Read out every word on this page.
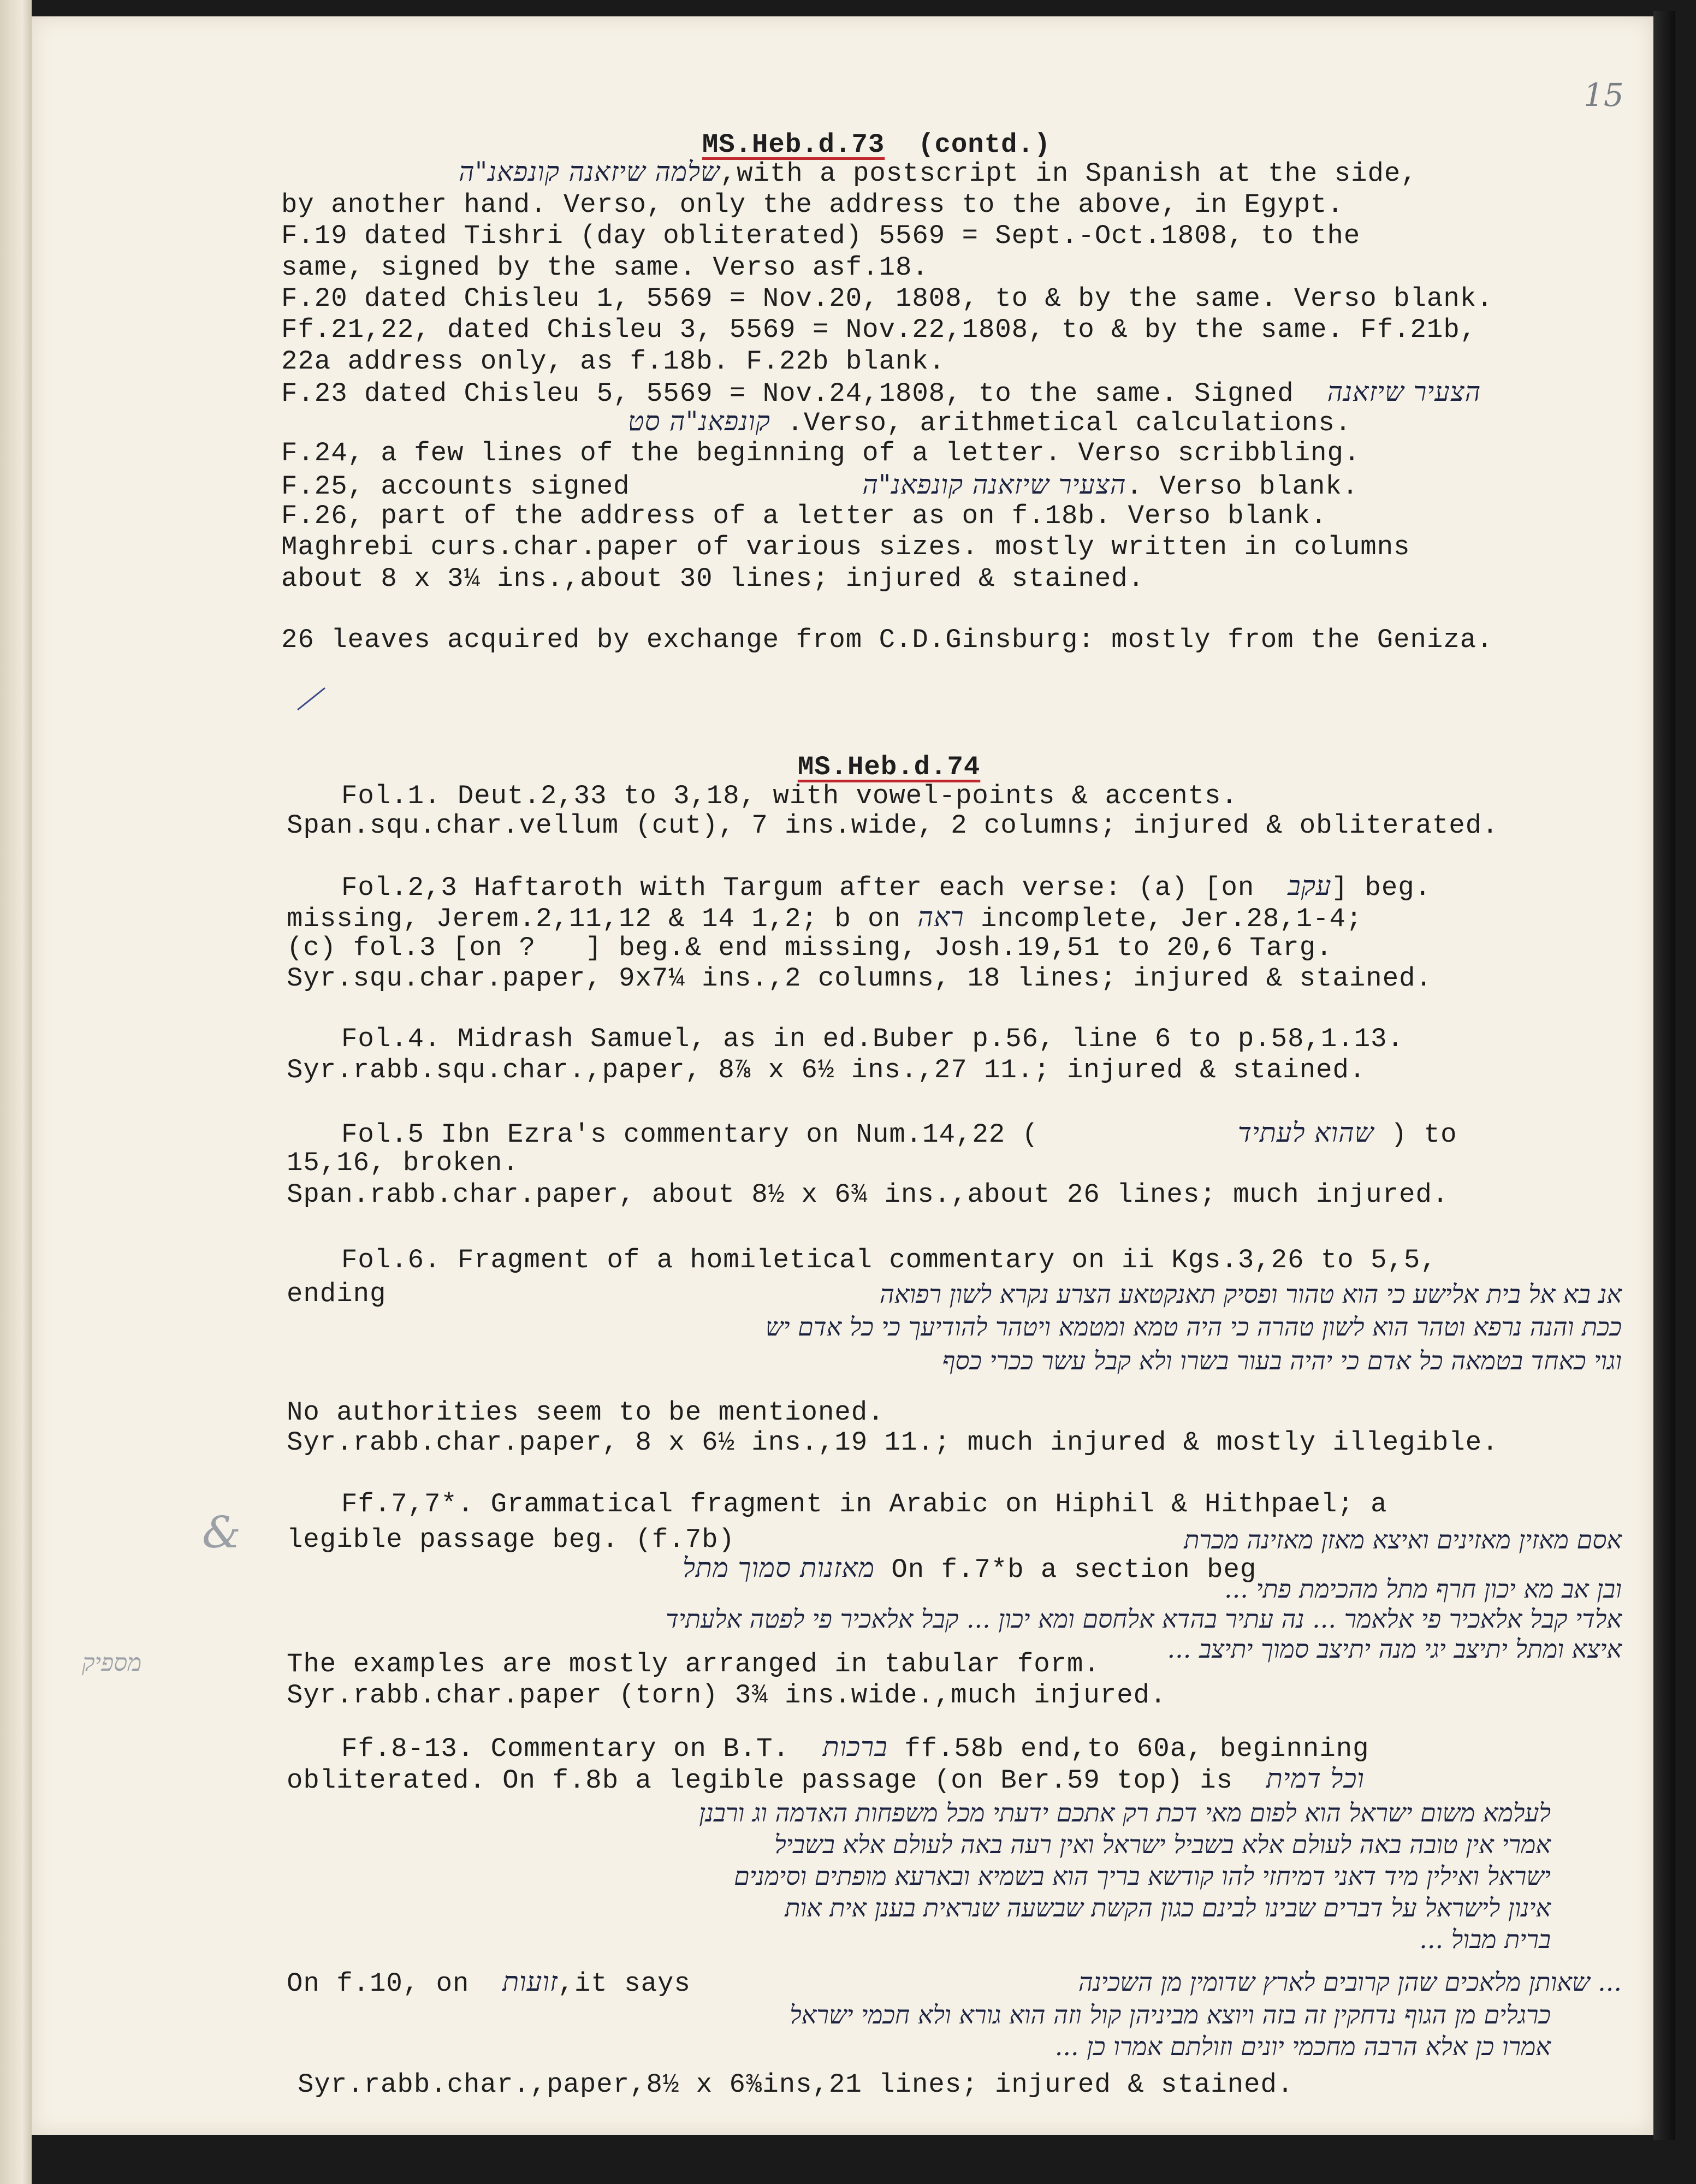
15
&
מספיק

MS.Heb.d.73 (contd.)

שלמה שיזאנה קונפאנ"ה,with a postscript in Spanish at the side,
by another hand. Verso, only the address to the above, in Egypt.
F.19 dated Tishri (day obliterated) 5569 = Sept.-Oct.1808, to the
same, signed by the same. Verso asf.18.
F.20 dated Chisleu 1, 5569 = Nov.20, 1808, to & by the same. Verso blank.
Ff.21,22, dated Chisleu 3, 5569 = Nov.22,1808, to & by the same. Ff.21b,
22a address only, as f.18b. F.22b blank.
F.23 dated Chisleu 5, 5569 = Nov.24,1808, to the same. Signed הצעיר שיזאנה
קונפאנ"ה סט .Verso, arithmetical calculations.
F.24, a few lines of the beginning of a letter. Verso scribbling.
F.25, accounts signed	הצעיר שיזאנה קונפאנ"ה. Verso blank.
F.26, part of the address of a letter as on f.18b. Verso blank.
Maghrebi curs.char.paper of various sizes. mostly written in columns
about 8 x 3¼ ins.,about 30 lines; injured & stained.
26 leaves acquired by exchange from C.D.Ginsburg: mostly from the Geniza.

MS.Heb.d.74

Fol.1. Deut.2,33 to 3,18, with vowel-points & accents.
Span.squ.char.vellum (cut), 7 ins.wide, 2 columns; injured & obliterated.
Fol.2,3 Haftaroth with Targum after each verse: (a) [on עקב] beg.
missing, Jerem.2,11,12 & 14 1,2; b on ראה incomplete, Jer.28,1-4;
(c) fol.3 [on ?   ] beg.& end missing, Josh.19,51 to 20,6 Targ.
Syr.squ.char.paper, 9x7¼ ins.,2 columns, 18 lines; injured & stained.
Fol.4. Midrash Samuel, as in ed.Buber p.56, line 6 to p.58,1.13.
Syr.rabb.squ.char.,paper, 8⅞ x 6½ ins.,27 11.; injured & stained.
Fol.5 Ibn Ezra's commentary on Num.14,22 (	שהוא לעתיד ) to
15,16, broken.
Span.rabb.char.paper, about 8½ x 6¾ ins.,about 26 lines; much injured.
Fol.6. Fragment of a homiletical commentary on ii Kgs.3,26 to 5,5,
ending	אנ בא אל בית אלישע כי הוא טהור ופסיק תאנקטאע הצרע נקרא לשון רפואה
ככת והנה נרפא וטהר הוא לשון טהרה כי היה טמא ומטמא ויטהר להודיעך כי כל אדם יש
וגוי כאחד בטמאה כל אדם כי יהיה בעור בשרו ולא קבל עשר ככרי כסף
No authorities seem to be mentioned.
Syr.rabb.char.paper, 8 x 6½ ins.,19 11.; much injured & mostly illegible.
Ff.7,7*. Grammatical fragment in Arabic on Hiphil & Hithpael; a
אסם מאזין מאזינים ואיצא מאזן מאזינה מכרת
legible passage beg. (f.7b)
מאזנות סמוך מתל On f.7*b a section beg
ובן אב מא יכון חרף מתל מהכימת פתי ...
אלדי קבל אלאכיר פי אלאמר ... נה עתיר בהדא אלחסם ומא יכון ... קבל אלאכיר פי לפטה אלעתיד
איצא ומתל יתיצב יגי מנה יתיצב סמוך יתיצב ...
The examples are mostly arranged in tabular form.
Syr.rabb.char.paper (torn) 3¾ ins.wide.,much injured.
Ff.8-13. Commentary on B.T. ברכות ff.58b end,to 60a, beginning
obliterated. On f.8b a legible passage (on Ber.59 top) is וכל דמית
לעלמא משום ישראל הוא לפום מאי דכת רק אתכם ידעתי מכל משפחות האדמה וג ורבנן
אמרי אין טובה באה לעולם אלא בשביל ישראל ואין רעה באה לעולם אלא בשביל
ישראל ואילין מיד דאני דמיחזי להו קודשא בריך הוא בשמיא ובארעא מופתים וסימנים
אינון לישראל על דברים שבינו לבינם כגון הקשת שבשעה שנראית בענן אית אות
ברית מבול ...
On f.10, on זועות,it says	... שאותן מלאכים שהן קרובים לארץ שדומין מן השכינה
כרגלים מן הגוף נדחקין זה בזה ויוצא מביניהן קול וזה הוא גורא ולא חכמי ישראל
אמרו כן אלא הרבה מחכמי יונים וזולתם אמרו כן ...
Syr.rabb.char.,paper,8½ x 6⅜ins,21 lines; injured & stained.
